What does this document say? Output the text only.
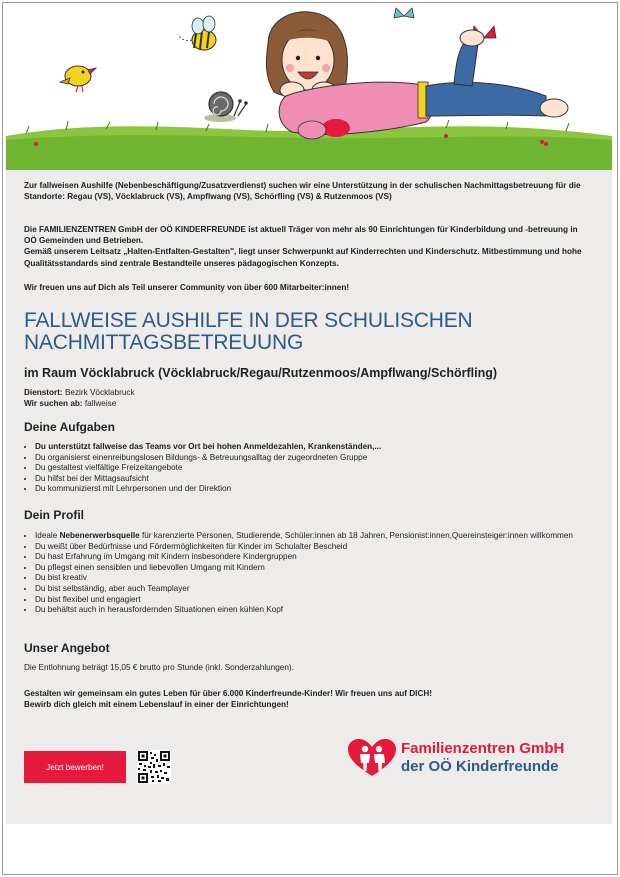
Zur fallweisen Aushilfe (Nebenbeschäftigung/Zusatzverdienst) suchen wir eine Unterstützung in der schulischen Nachmittagsbetreuung für die Standorte: Regau (VS), Vöcklabruck (VS), Ampflwang (VS), Schörfling (VS) & Rutzenmoos (VS)
Die FAMILIENZENTREN GmbH der OÖ KINDERFREUNDE ist aktuell Träger von mehr als 90 Einrichtungen für Kinderbildung und -betreuung in OÖ Gemeinden und Betrieben.
Gemäß unserem Leitsatz „Halten-Entfalten-Gestalten", liegt unser Schwerpunkt auf Kinderrechten und Kinderschutz. Mitbestimmung und hohe Qualitätsstandards sind zentrale Bestandteile unseres pädagogischen Konzepts.
Wir freuen uns auf Dich als Teil unserer Community von über 600 Mitarbeiter:innen!
FALLWEISE AUSHILFE IN DER SCHULISCHEN NACHMITTAGSBETREUUNG
im Raum Vöcklabruck (Vöcklabruck/Regau/Rutzenmoos/Ampflwang/Schörfling)
Dienstort: Bezirk Vöcklabruck
Wir suchen ab: fallweise
Deine Aufgaben
• Du unterstützt fallweise das Teams vor Ort bei hohen Anmeldezahlen, Krankenständen,...
• Du organisierst einenreibungslosen Bildungs- & Betreuungsalltag der zugeordneten Gruppe
• Du gestaltest vielfältige Freizeitangebote
• Du hilfst bei der Mittagsaufsicht
• Du kommunizierst mit Lehrpersonen und der Direktion
Dein Profil
• Ideale Nebenerwerbsquelle für karenzierte Personen, Studierende, Schüler:innen ab 18 Jahren, Pensionist:innen,Quereinsteiger:innen willkommen
• Du weißt über Bedürfnisse und Fördermöglichkeiten für Kinder im Schulalter Bescheid
• Du hast Erfahrung im Umgang mit Kindern insbesondere Kindergruppen
• Du pflegst einen sensiblen und liebevollen Umgang mit Kindern
• Du bist kreativ
• Du bist selbständig, aber auch Teamplayer
• Du bist flexibel und engagiert
• Du behältst auch in herausfordernden Situationen einen kühlen Kopf
Unser Angebot
Die Entlohnung beträgt 15,05 € brutto pro Stunde (inkl. Sonderzahlungen).
Gestalten wir gemeinsam ein gutes Leben für über 6.000 Kinderfreunde-Kinder! Wir freuen uns auf DICH!
Bewirb dich gleich mit einem Lebenslauf in einer der Einrichtungen!
Jetzt bewerben!
Familienzentren GmbH
der OÖ Kinderfreunde
